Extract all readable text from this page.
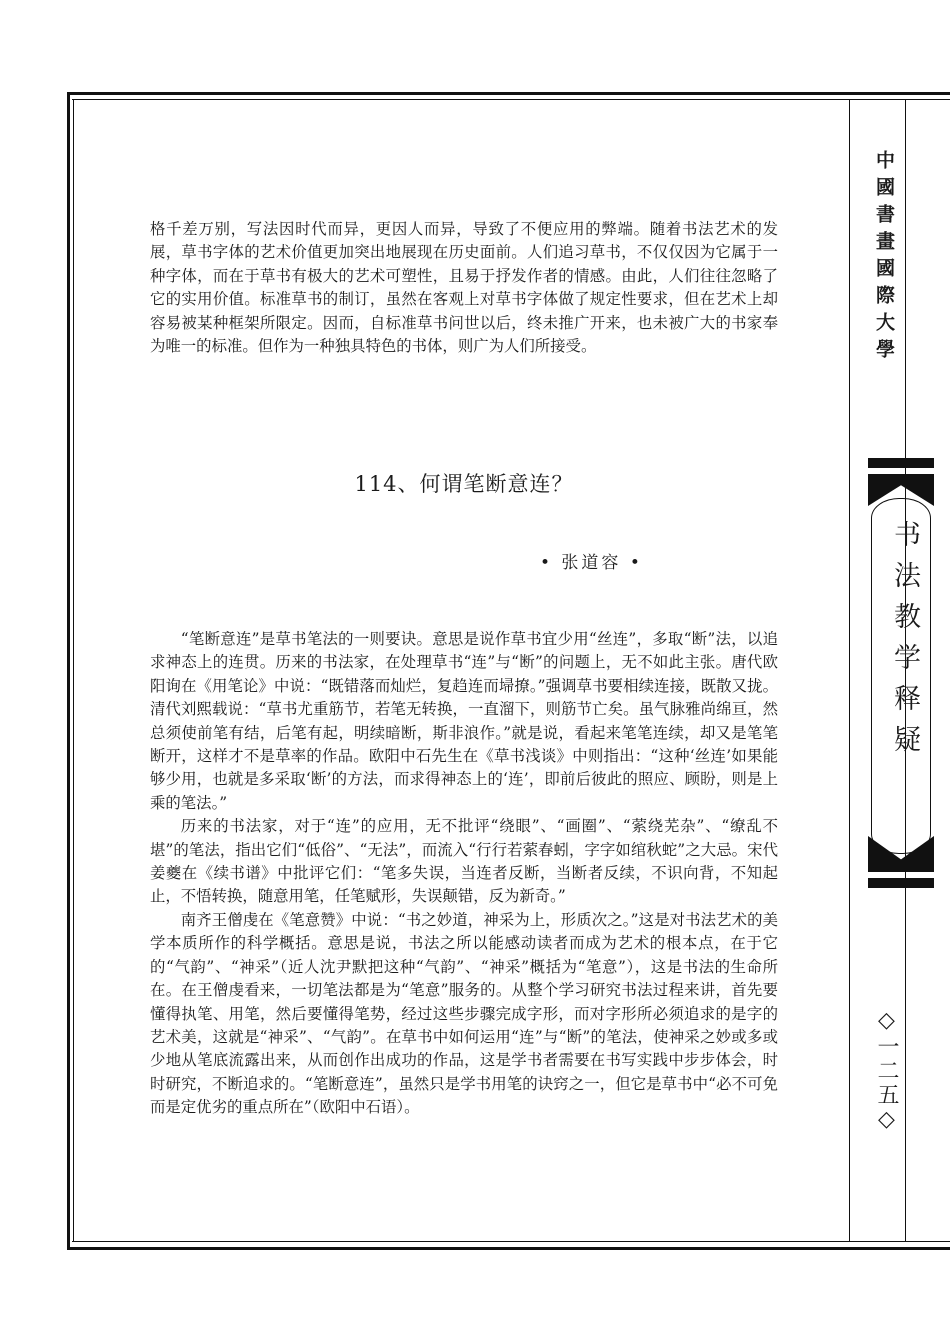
中國書畫國際大學
书法教学释疑
◇一二五◇

格千差万别，写法因时代而异，更因人而异，导致了不便应用的弊端。随着书法艺术的发展，草书字体的艺术价值更加突出地展现在历史面前。人们追习草书，不仅仅因为它属于一种字体，而在于草书有极大的艺术可塑性，且易于抒发作者的情感。由此，人们往往忽略了它的实用价值。标准草书的制订，虽然在客观上对草书字体做了规定性要求，但在艺术上却容易被某种框架所限定。因而，自标准草书问世以后，终未推广开来，也未被广大的书家奉为唯一的标准。但作为一种独具特色的书体，则广为人们所接受。

114、何谓笔断意连？
• 张道容 •

“笔断意连”是草书笔法的一则要诀。意思是说作草书宜少用“丝连”，多取“断”法，以追求神态上的连贯。历来的书法家，在处理草书“连”与“断”的问题上，无不如此主张。唐代欧阳询在《用笔论》中说：“既错落而灿烂，复趋连而埽撩。”强调草书要相续连接，既散又拢。清代刘熙载说：“草书尤重筋节，若笔无转换，一直溜下，则筋节亡矣。虽气脉雅尚绵亘，然总须使前笔有结，后笔有起，明续暗断，斯非浪作。”就是说，看起来笔笔连续，却又是笔笔断开，这样才不是草率的作品。欧阳中石先生在《草书浅谈》中则指出：“这种‘丝连’如果能够少用，也就是多采取‘断’的方法，而求得神态上的‘连’，即前后彼此的照应、顾盼，则是上乘的笔法。”

历来的书法家，对于“连”的应用，无不批评“绕眼”、“画圈”、“萦绕芜杂”、“缭乱不堪”的笔法，指出它们“低俗”、“无法”，而流入“行行若萦春蚓，字字如绾秋蛇”之大忌。宋代姜夔在《续书谱》中批评它们：“笔多失误，当连者反断，当断者反续，不识向背，不知起止，不悟转换，随意用笔，任笔赋形，失误颠错，反为新奇。”

南齐王僧虔在《笔意赞》中说：“书之妙道，神采为上，形质次之。”这是对书法艺术的美学本质所作的科学概括。意思是说，书法之所以能感动读者而成为艺术的根本点，在于它的“气韵”、“神采”（近人沈尹默把这种“气韵”、“神采”概括为“笔意”），这是书法的生命所在。在王僧虔看来，一切笔法都是为“笔意”服务的。从整个学习研究书法过程来讲，首先要懂得执笔、用笔，然后要懂得笔势，经过这些步骤完成字形，而对字形所必须追求的是字的艺术美，这就是“神采”、“气韵”。在草书中如何运用“连”与“断”的笔法，使神采之妙或多或少地从笔底流露出来，从而创作出成功的作品，这是学书者需要在书写实践中步步体会，时时研究，不断追求的。“笔断意连”，虽然只是学书用笔的诀窍之一，但它是草书中“必不可免而是定优劣的重点所在”（欧阳中石语）。
